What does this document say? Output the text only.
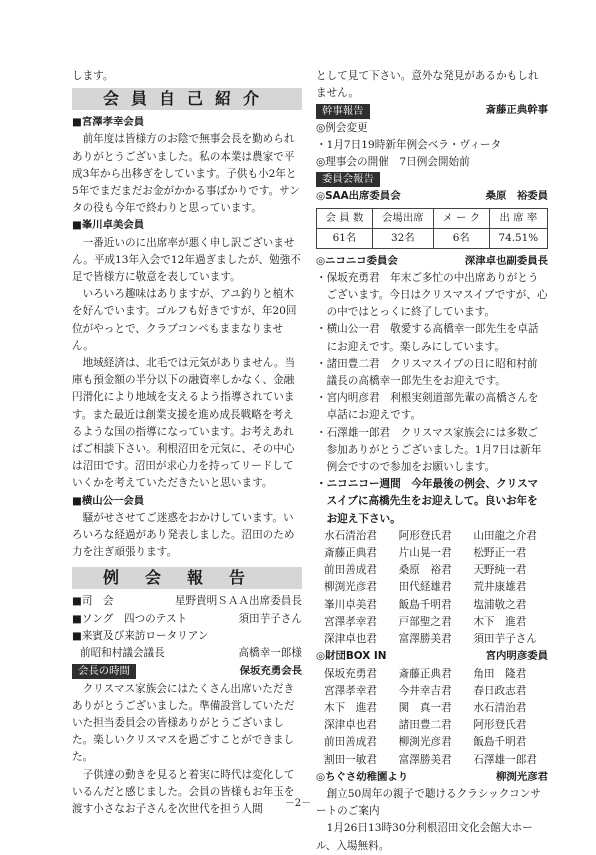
します。

会員自己紹介

■宮澤孝幸会員

前年度は皆様方のお陰で無事会長を勤められありがとうございました。私の本業は農家で平成3年から出移ぎをしています。子供も小2年と5年でまだまだお金がかかる事ばかりです。サンタの役も今年で終わりと思っています。

■峯川卓美会員

一番近いのに出席率が悪く申し訳ございません。平成13年入会で12年過ぎましたが、勉強不足で皆様方に敬意を表しています。

いろいろ趣味はありますが、アユ釣りと植木を好んでいます。ゴルフも好きですが、年20回位がやっとで、クラブコンペもままなりません。

地域経済は、北毛では元気がありません。当庫も預金額の半分以下の融資率しかなく、金融円滑化により地域を支えるよう指導されています。また最近は創業支援を進め成長戦略を考えるような国の指導になっています。お考えあればご相談下さい。利根沼田を元気に、その中心は沼田です。沼田が求心力を持ってリードしていくかを考えていただきたいと思います。

■横山公一会員

騒がせさせてご迷惑をおかけしています。いろいろな経過があり発表しました。沼田のため力を注ぎ頑張ります。

例会報告
■司　会	星野貴明ＳＡＡ出席委員長
■ソング　四つのテスト	須田芋子さん

■来賓及び来訪ロータリアン

前昭和村議会議長	高橋幸一郎様
会長の時間	保坂充勇会長

クリスマス家族会にはたくさん出席いただきありがとうございました。準備設営していただいた担当委員会の皆様ありがとうございました。楽しいクリスマスを過ごすことができました。

子供達の動きを見ると着実に時代は変化しているんだと感じました。会員の皆様もお年玉を渡す小さなお子さんを次世代を担う人間

として見て下さい。意外な発見があるかもしれません。

幹事報告	斎藤正典幹事

◎例会変更

・1月7日19時新年例会ベラ・ヴィータ

◎理事会の開催　7日例会開始前

委員会報告
◎SAA出席委員会	桑原　裕委員
会 員 数	会場出席	メ ー ク	出 席 率
61名	32名	6名	74.51%
◎ニコニコ委員会	深津卓也副委員長

・保坂充勇君　年末ご多忙の中出席ありがとうございます。今日はクリスマスイブですが、心の中ではとっくに終了しています。

・横山公一君　敬愛する高橋幸一郎先生を卓話にお迎えです。楽しみにしています。

・諸田豊二君　クリスマスイブの日に昭和村前議長の高橋幸一郎先生をお迎えです。

・宮内明彦君　利根実剣道部先輩の高橋さんを卓話にお迎えです。

・石澤雄一郎君　クリスマス家族会には多数ご参加ありがとうございました。1月7日は新年例会ですので参加をお願いします。

・ニコニコー週間　今年最後の例会、クリスマスイブに高橋先生をお迎えして。良いお年をお迎え下さい。

水石清治君	阿形登氏君	山田龍之介君
斎藤正典君	片山晃一君	松野正一君
前田善成君	桑原　裕君	天野純一君
柳渕光彦君	田代経雄君	荒井康雄君
峯川卓美君	飯島千明君	塩浦敬之君
宮澤孝幸君	戸部聖之君	木下　進君
深津卓也君	富澤勝美君	須田芋子さん
◎財団BOX IN	宮内明彦委員
保坂充勇君	斎藤正典君	角田　隆君
宮澤孝幸君	今井幸吉君	春日政志君
木下　進君	関　真一君	水石清治君
深津卓也君	諸田豊二君	阿形登氏君
前田善成君	柳渕光彦君	飯島千明君
割田一敏君	富澤勝美君	石澤雄一郎君
◎ちぐさ幼稚園より	柳渕光彦君

創立50周年の親子で聴けるクラシックコンサートのご案内

1月26日13時30分利根沼田文化会館大ホール、入場無料。

－2－
